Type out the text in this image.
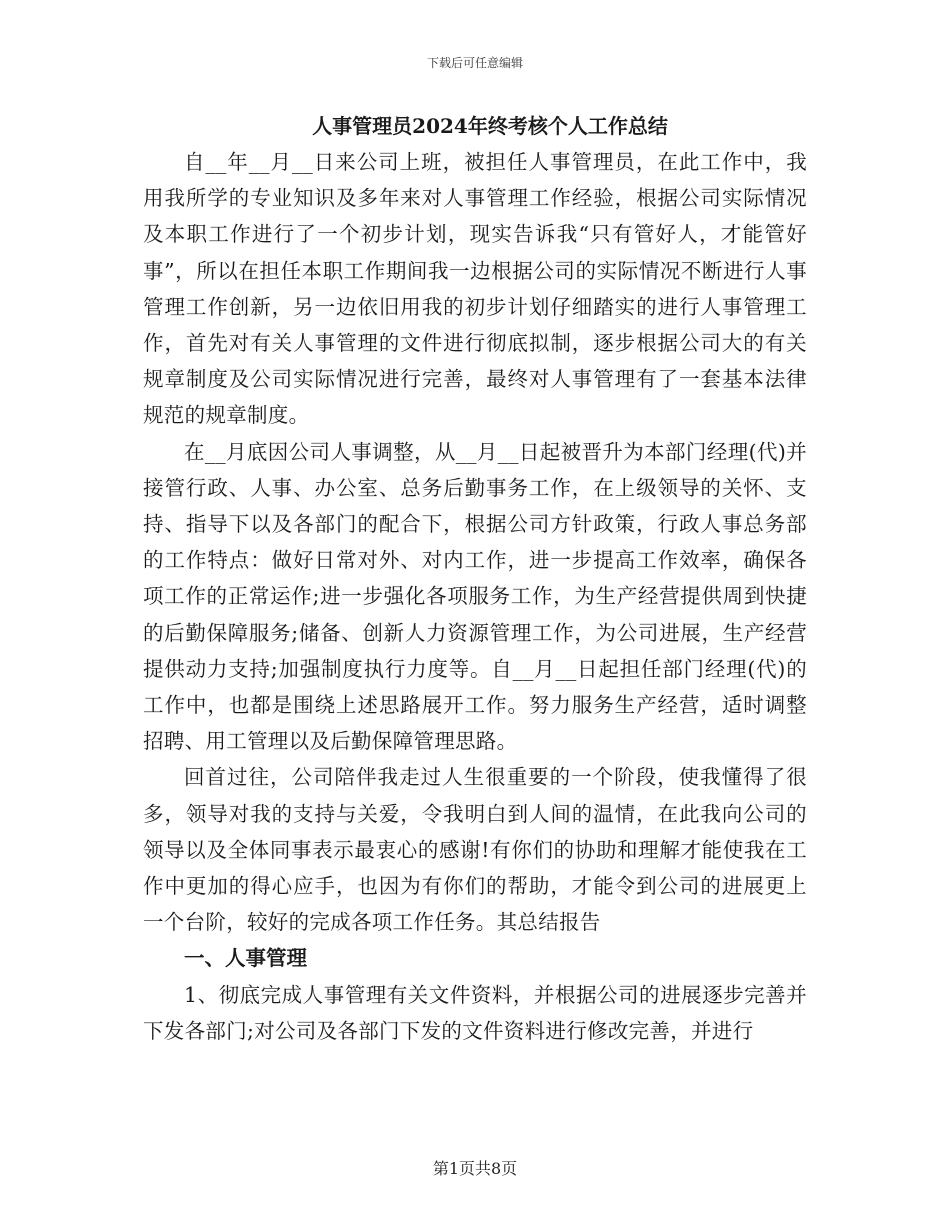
下载后可任意编辑
人事管理员2024年终考核个人工作总结

自__年__月__日来公司上班，被担任人事管理员，在此工作中，我用我所学的专业知识及多年来对人事管理工作经验，根据公司实际情况及本职工作进行了一个初步计划，现实告诉我“只有管好人，才能管好事”，所以在担任本职工作期间我一边根据公司的实际情况不断进行人事管理工作创新，另一边依旧用我的初步计划仔细踏实的进行人事管理工作，首先对有关人事管理的文件进行彻底拟制，逐步根据公司大的有关规章制度及公司实际情况进行完善，最终对人事管理有了一套基本法律规范的规章制度。

在__月底因公司人事调整，从__月__日起被晋升为本部门经理(代)并接管行政、人事、办公室、总务后勤事务工作，在上级领导的关怀、支持、指导下以及各部门的配合下，根据公司方针政策，行政人事总务部的工作特点：做好日常对外、对内工作，进一步提高工作效率，确保各项工作的正常运作;进一步强化各项服务工作，为生产经营提供周到快捷的后勤保障服务;储备、创新人力资源管理工作，为公司进展，生产经营提供动力支持;加强制度执行力度等。自__月__日起担任部门经理(代)的工作中，也都是围绕上述思路展开工作。努力服务生产经营，适时调整招聘、用工管理以及后勤保障管理思路。

回首过往，公司陪伴我走过人生很重要的一个阶段，使我懂得了很多，领导对我的支持与关爱，令我明白到人间的温情，在此我向公司的领导以及全体同事表示最衷心的感谢!有你们的协助和理解才能使我在工作中更加的得心应手，也因为有你们的帮助，才能令到公司的进展更上一个台阶，较好的完成各项工作任务。其总结报告

一、人事管理

1、彻底完成人事管理有关文件资料，并根据公司的进展逐步完善并下发各部门;对公司及各部门下发的文件资料进行修改完善，并进行

第1页共8页
